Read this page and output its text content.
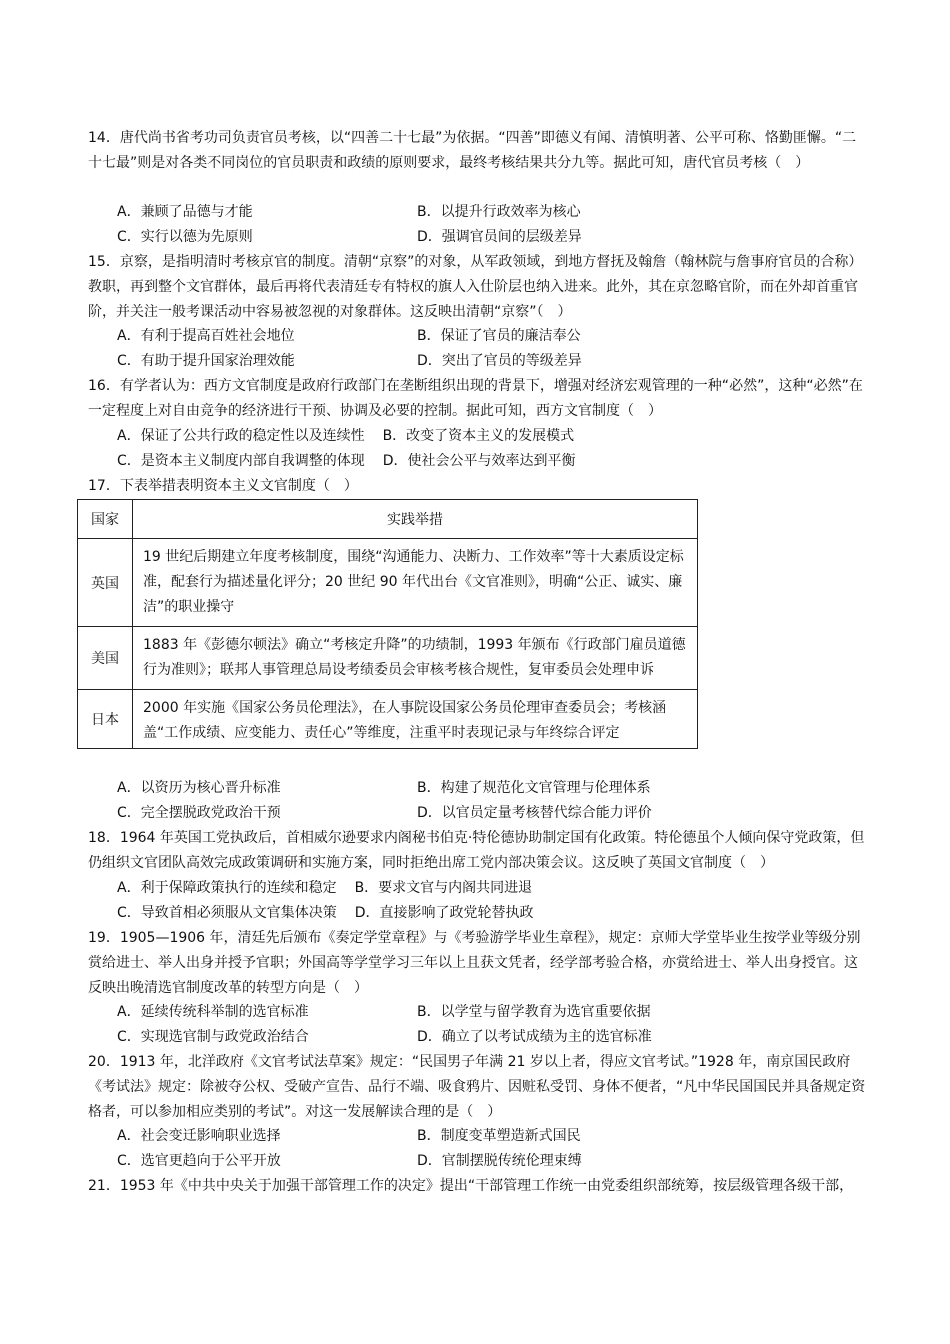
14．唐代尚书省考功司负责官员考核，以“四善二十七最”为依据。“四善”即德义有闻、清慎明著、公平可称、恪勤匪懈。“二十七最”则是对各类不同岗位的官员职责和政绩的原则要求，最终考核结果共分九等。据此可知，唐代官员考核（　）
A．兼顾了品德与才能	B．以提升行政效率为核心
C．实行以德为先原则	D．强调官员间的层级差异
15．京察，是指明清时考核京官的制度。清朝“京察”的对象，从军政领域，到地方督抚及翰詹（翰林院与詹事府官员的合称）教职，再到整个文官群体，最后再将代表清廷专有特权的旗人入仕阶层也纳入进来。此外，其在京忽略官阶，而在外却首重官阶，并关注一般考课活动中容易被忽视的对象群体。这反映出清朝“京察”（　）
A．有利于提高百姓社会地位	B．保证了官员的廉洁奉公
C．有助于提升国家治理效能	D．突出了官员的等级差异
16．有学者认为：西方文官制度是政府行政部门在垄断组织出现的背景下，增强对经济宏观管理的一种“必然”，这种“必然”在一定程度上对自由竞争的经济进行干预、协调及必要的控制。据此可知，西方文官制度（　）
A．保证了公共行政的稳定性以及连续性 B．改变了资本主义的发展模式
C．是资本主义制度内部自我调整的体现 D．使社会公平与效率达到平衡
17．下表举措表明资本主义文官制度（　）
国家	实践举措
英国	19 世纪后期建立年度考核制度，围绕“沟通能力、决断力、工作效率”等十大素质设定标准，配套行为描述量化评分；20 世纪 90 年代出台《文官准则》，明确“公正、诚实、廉洁”的职业操守
美国	1883 年《彭德尔顿法》确立“考核定升降”的功绩制，1993 年颁布《行政部门雇员道德行为准则》；联邦人事管理总局设考绩委员会审核考核合规性，复审委员会处理申诉
日本	2000 年实施《国家公务员伦理法》，在人事院设国家公务员伦理审查委员会；考核涵盖“工作成绩、应变能力、责任心”等维度，注重平时表现记录与年终综合评定
A．以资历为核心晋升标准	B．构建了规范化文官管理与伦理体系
C．完全摆脱政党政治干预	D．以官员定量考核替代综合能力评价
18．1964 年英国工党执政后，首相威尔逊要求内阁秘书伯克·特伦德协助制定国有化政策。特伦德虽个人倾向保守党政策，但仍组织文官团队高效完成政策调研和实施方案，同时拒绝出席工党内部决策会议。这反映了英国文官制度（　）
A．利于保障政策执行的连续和稳定 B．要求文官与内阁共同进退
C．导致首相必须服从文官集体决策 D．直接影响了政党轮替执政
19．1905—1906 年，清廷先后颁布《奏定学堂章程》与《考验游学毕业生章程》，规定：京师大学堂毕业生按学业等级分别赏给进士、举人出身并授予官职；外国高等学堂学习三年以上且获文凭者，经学部考验合格，亦赏给进士、举人出身授官。这反映出晚清选官制度改革的转型方向是（　）
A．延续传统科举制的选官标准	B．以学堂与留学教育为选官重要依据
C．实现选官制与政党政治结合	D．确立了以考试成绩为主的选官标准
20．1913 年，北洋政府《文官考试法草案》规定：“民国男子年满 21 岁以上者，得应文官考试。”1928 年，南京国民政府《考试法》规定：除被夺公权、受破产宣告、品行不端、吸食鸦片、因赃私受罚、身体不便者，“凡中华民国国民并具备规定资格者，可以参加相应类别的考试”。对这一发展解读合理的是（　）
A．社会变迁影响职业选择	B．制度变革塑造新式国民
C．选官更趋向于公平开放	D．官制摆脱传统伦理束缚
21．1953 年《中共中央关于加强干部管理工作的决定》提出“干部管理工作统一由党委组织部统筹，按层级管理各级干部，
